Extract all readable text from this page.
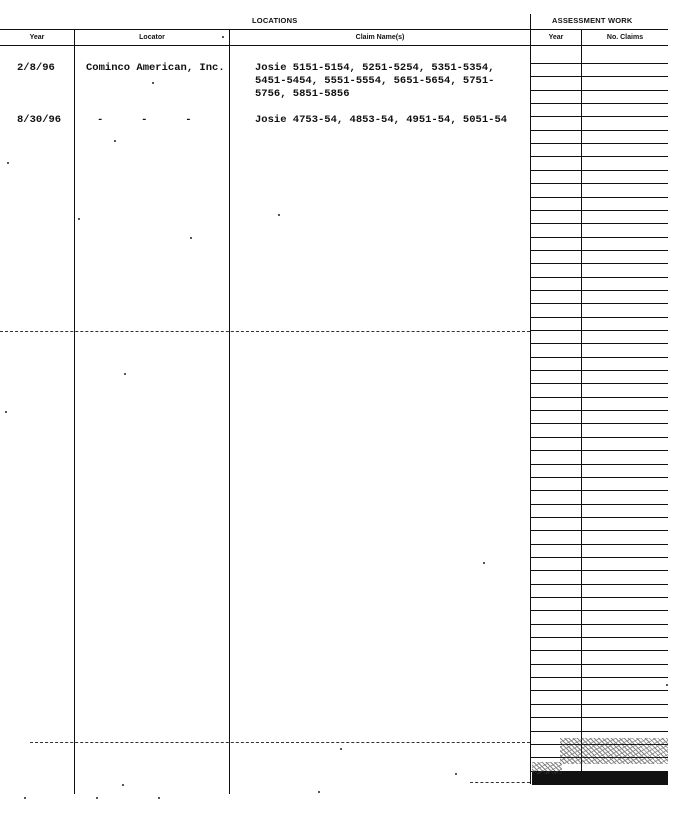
LOCATIONS	ASSESSMENT WORK
Year	Locator	Claim Name(s)	Year	No. Claims
2/8/96	Cominco American, Inc.	Josie 5151-5154, 5251-5254, 5351-5354,
5451-5454, 5551-5554, 5651-5654, 5751-
5756, 5851-5856
8/30/96	-      -      -	Josie 4753-54, 4853-54, 4951-54, 5051-54
